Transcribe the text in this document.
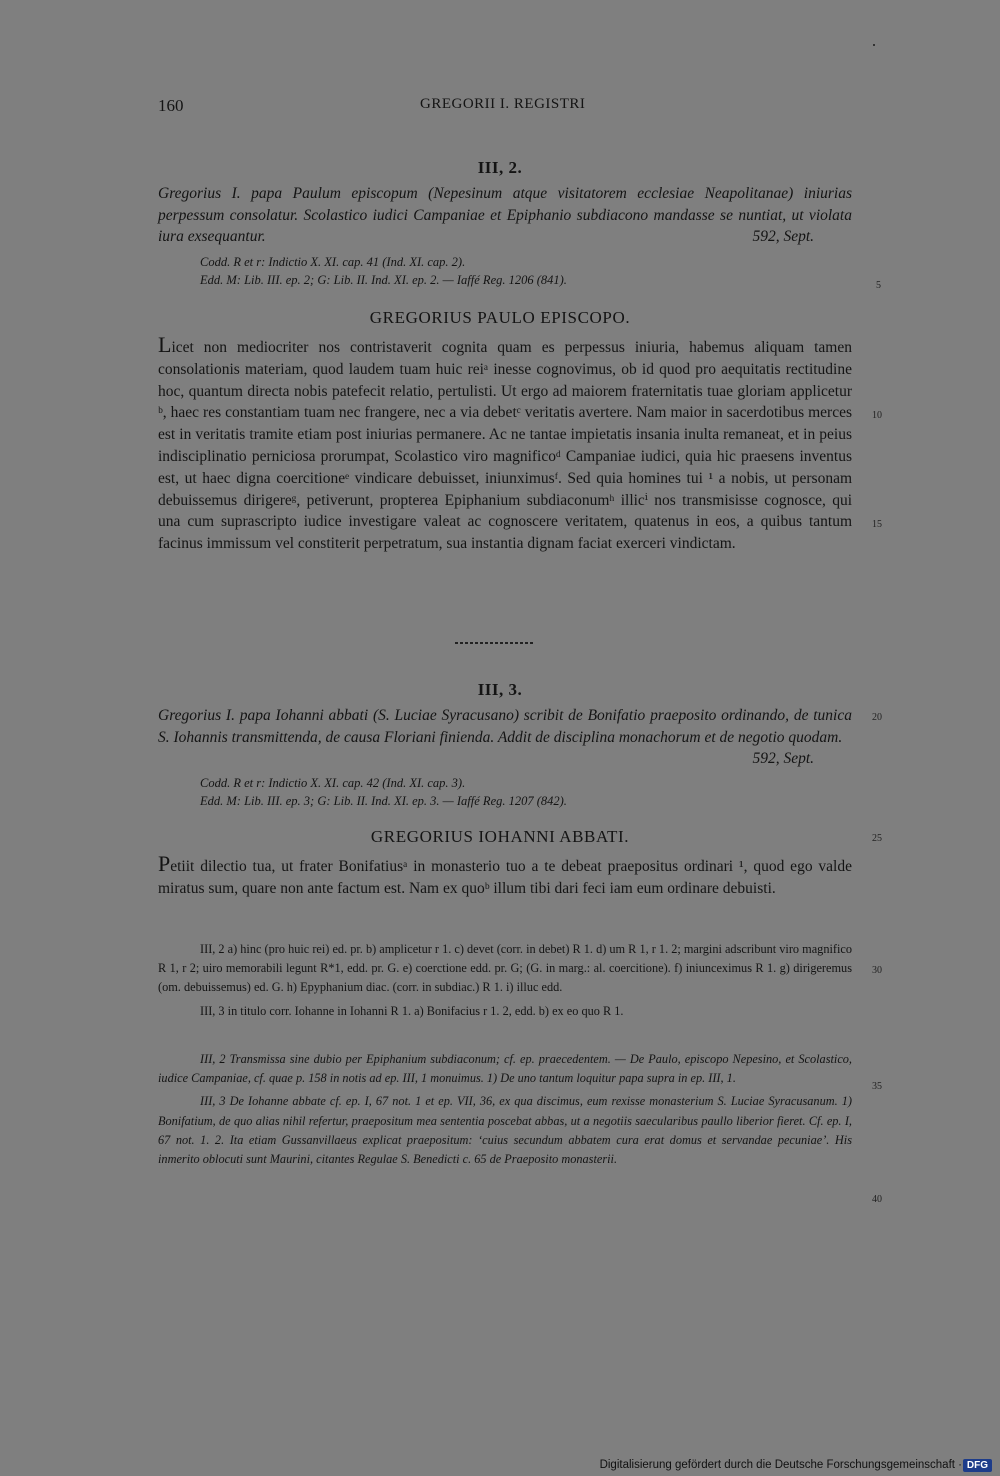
160	GREGORII I. REGISTRI
III, 2.
Gregorius I. papa Paulum episcopum (Nepesinum atque visitatorem ecclesiae Neapolitanae) iniurias perpessum consolatur. Scolastico iudici Campaniae et Epiphanio subdiacono mandasse se nuntiat, ut violata iura exsequantur.	592, Sept.
Codd. R et r: Indictio X. XI. cap. 41 (Ind. XI. cap. 2).
Edd. M: Lib. III. ep. 2; G: Lib. II. Ind. XI. ep. 2. — Iaffé Reg. 1206 (841).	5
GREGORIUS PAULO EPISCOPO.

Licet non mediocriter nos contristaverit cognita quam es perpessus iniuria, habemus aliquam tamen consolationis materiam, quod laudem tuam huic reiᵃ inesse cognovimus, ob id quod pro aequitatis rectitudine hoc, quantum directa nobis patefecit relatio, pertulisti. Ut ergo ad maiorem fraternitatis tuae gloriam applicetur ᵇ, haec res constantiam tuam nec frangere, nec a via debetᶜ veritatis avertere. Nam maior in sacerdotibus merces est in veritatis tramite etiam post iniurias permanere. Ac ne tantae impietatis insania inulta remaneat, et in peius indisciplinatio perniciosa prorumpat, Scolastico viro magnificoᵈ Campaniae iudici, quia hic praesens inventus est, ut haec digna coercitioneᵉ vindicare debuisset, iniunximusᶠ. Sed quia homines tui ¹ a nobis, ut personam debuissemus dirigereᵍ, petiverunt, propterea Epiphanium subdiaconumʰ illicⁱ nos transmisisse cognosce, qui una cum suprascripto iudice investigare valeat ac cognoscere veritatem, quatenus in eos, a quibus tantum facinus immissum vel constiterit perpetratum, sua instantia dignam faciat exerceri vindictam.

10
15
III, 3.
Gregorius I. papa Iohanni abbati (S. Luciae Syracusano) scribit de Bonifatio praeposito ordinando, de tunica S. Iohannis transmittenda, de causa Floriani finienda. Addit de disciplina monachorum et de negotio quodam.
592, Sept.
20
Codd. R et r: Indictio X. XI. cap. 42 (Ind. XI. cap. 3).
Edd. M: Lib. III. ep. 3; G: Lib. II. Ind. XI. ep. 3. — Iaffé Reg. 1207 (842).
GREGORIUS IOHANNI ABBATI.	25

Petiit dilectio tua, ut frater Bonifatiusᵃ in monasterio tuo a te debeat praepositus ordinari ¹, quod ego valde miratus sum, quare non ante factum est. Nam ex quoᵇ illum tibi dari feci iam eum ordinare debuisti.

III, 2 a) hinc (pro huic rei) ed. pr. b) amplicetur r 1. c) devet (corr. in debet) R 1. d) um R 1, r 1. 2; margini adscribunt viro magnifico R 1, r 2; uiro memorabili legunt R*1, edd. pr. G. e) coerctione edd. pr. G; (G. in marg.: al. coercitione). f) iniunceximus R 1. g) dirigeremus (om. debuissemus) ed. G. h) Epyphanium diac. (corr. in subdiac.) R 1. i) illuc edd.

III, 3 in titulo corr. Iohanne in Iohanni R 1. a) Bonifacius r 1. 2, edd. b) ex eo quo R 1.

30

III, 2 Transmissa sine dubio per Epiphanium subdiaconum; cf. ep. praecedentem. — De Paulo, episcopo Nepesino, et Scolastico, iudice Campaniae, cf. quae p. 158 in notis ad ep. III, 1 monuimus. 1) De uno tantum loquitur papa supra in ep. III, 1.

III, 3 De Iohanne abbate cf. ep. I, 67 not. 1 et ep. VII, 36, ex qua discimus, eum rexisse monasterium S. Luciae Syracusanum. 1) Bonifatium, de quo alias nihil refertur, praepositum mea sententia poscebat abbas, ut a negotiis saecularibus paullo liberior fieret. Cf. ep. I, 67 not. 1. 2. Ita etiam Gussanvillaeus explicat praepositum: ‘cuius secundum abbatem cura erat domus et servandae pecuniae’. His inmerito oblocuti sunt Maurini, citantes Regulae S. Benedicti c. 65 de Praeposito monasterii.

35
40
Digitalisierung gefördert durch die Deutsche Forschungsgemeinschaft · DFG
